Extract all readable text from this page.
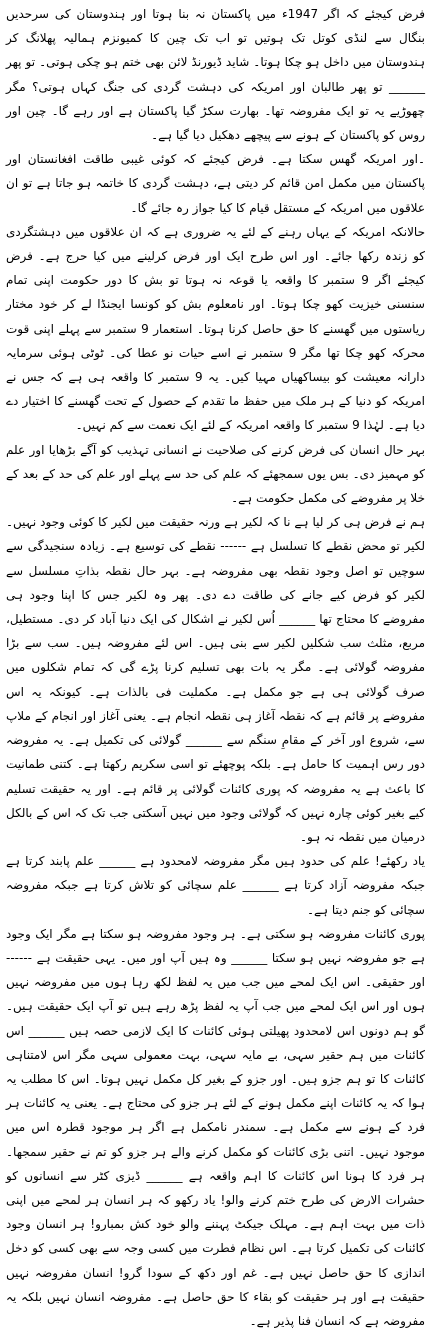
فرض کیجئے کہ اگر 1947ء میں پاکستان نہ بنا ہوتا اور ہندوستان کی سرحدیں بنگال سے لنڈی کوتل تک ہوتیں تو اب تک چین کا کمیونزم ہمالیہ پھلانگ کر ہندوستان میں داخل ہو چکا ہوتا۔ شاید ڈیورنڈ لائن بھی ختم ہو چکی ہوتی۔ تو پھر ______ تو پھر طالبان اور امریکہ کی دہشت گردی کی جنگ کہاں ہوتی؟ مگر چھوڑیے یہ تو ایک مفروضہ تھا۔ بھارت سکڑ گیا پاکستان ہے اور رہے گا۔ چین اور روس کو پاکستان کے ہونے سے پیچھے دھکیل دیا گیا ہے۔

۔اور امریکہ گھس سکتا ہے۔ فرض کیجئے کہ کوئی غیبی طاقت افغانستان اور پاکستان میں مکمل امن قائم کر دیتی ہے، دہشت گردی کا خاتمہ ہو جاتا ہے تو ان علاقوں میں امریکہ کے مستقل قیام کا کیا جواز رہ جائے گا۔

حالانکہ امریکہ کے یہاں رہنے کے لئے یہ ضروری ہے کہ ان علاقوں میں دہشتگردی کو زندہ رکھا جائے۔ اور اس طرح ایک اور فرض کرلینے میں کیا حرج ہے۔ فرض کیجئے اگر 9 ستمبر کا واقعہ یا قوعہ نہ ہوتا تو بش کا دور حکومت اپنی تمام سنسنی خیزیت کھو چکا ہوتا۔ اور نامعلوم بش کو کونسا ایجنڈا لے کر خود مختار ریاستوں میں گھسنے کا حق حاصل کرنا ہوتا۔ استعمار 9 ستمبر سے پہلے اپنی قوت محرکہ کھو چکا تھا مگر 9 ستمبر نے اسے حیات نو عطا کی۔ ٹوٹی ہوئی سرمایہ دارانہ معیشت کو بیساکھیاں مہیا کیں۔ یہ 9 ستمبر کا واقعہ ہی ہے کہ جس نے امریکہ کو دنیا کے ہر ملک میں حفظ ما تقدم کے حصول کے تحت گھسنے کا اختیار دے دیا ہے۔ لہٰذا 9 ستمبر کا واقعہ امریکہ کے لئے ایک نعمت سے کم نہیں۔

بہر حال انسان کی فرض کرنے کی صلاحیت نے انسانی تہذیب کو آگے بڑھایا اور علم کو مہمیز دی۔ بس یوں سمجھئے کہ علم کی حد سے پہلے اور علم کی حد کے بعد کے خلا پر مفروضے کی مکمل حکومت ہے۔

ہم نے فرض ہی کر لیا ہے نا کہ لکیر ہے ورنہ حقیقت میں لکیر کا کوئی وجود نہیں۔ لکیر تو محض نقطے کا تسلسل ہے ------ نقطے کی توسیع ہے۔ زیادہ سنجیدگی سے سوچیں تو اصل وجود نقطہ بھی مفروضہ ہے۔ بہر حال نقطہ بذاتِ مسلسل سے لکیر کو فرض کیے جانے کی طاقت دے دی۔ پھر وہ لکیر جس کا اپنا وجود ہی مفروضے کا محتاج تھا ______ اُس لکیر نے اشکال کی ایک دنیا آباد کر دی۔ مستطیل، مربع، مثلث سب شکلیں لکیر سے بنی ہیں۔ اس لئے مفروضہ ہیں۔ سب سے بڑا مفروضہ گولائی ہے۔ مگر یہ بات بھی تسلیم کرنا پڑے گی کہ تمام شکلوں میں صرف گولائی ہی ہے جو مکمل ہے۔ مکملیت فی بالذات ہے۔ کیونکہ یہ اس مفروضے پر قائم ہے کہ نقطہ آغاز ہی نقطہ انجام ہے۔ یعنی آغاز اور انجام کے ملاپ سے، شروع اور آخر کے مقامِ سنگم سے ______ گولائی کی تکمیل ہے۔ یہ مفروضہ دور رس اہمیت کا حامل ہے۔ بلکہ پوچھئے تو اسی سکریم رکھتا ہے۔ کتنی طمانیت کا باعث ہے یہ مفروضہ کہ پوری کائنات گولائی پر قائم ہے۔ اور یہ حقیقت تسلیم کیے بغیر کوئی چارہ نہیں کہ گولائی وجود میں نہیں آسکتی جب تک کہ اس کے بالکل درمیان میں نقطہ نہ ہو۔

یاد رکھئے! علم کی حدود ہیں مگر مفروضہ لامحدود ہے ______ علم پابند کرتا ہے جبکہ مفروضہ آزاد کرتا ہے ______ علم سچائی کو تلاش کرتا ہے جبکہ مفروضہ سچائی کو جنم دیتا ہے۔

پوری کائنات مفروضہ ہو سکتی ہے۔ ہر وجود مفروضہ ہو سکتا ہے مگر ایک وجود ہے جو مفروضہ نہیں ہو سکتا ______ وہ ہیں آپ اور میں۔ یہی حقیقت ہے ------ اور حقیقی۔ اس ایک لمحے میں جب میں یہ لفظ لکھ رہا ہوں میں مفروضہ نہیں ہوں اور اس ایک لمحے میں جب آپ یہ لفظ پڑھ رہے ہیں تو آپ ایک حقیقت ہیں۔ گو ہم دونوں اس لامحدود پھیلتی ہوئی کائنات کا ایک لازمی حصہ ہیں ______ اس کائنات میں ہم حقیر سہی، بے مایہ سہی، بہت معمولی سہی مگر اس لامتناہی کائنات کا تو ہم جزو ہیں۔ اور جزو کے بغیر کل مکمل نہیں ہوتا۔ اس کا مطلب یہ ہوا کہ یہ کائنات اپنے مکمل ہونے کے لئے ہر جزو کی محتاج ہے۔ یعنی یہ کائنات ہر فرد کے ہونے سے مکمل ہے۔ سمندر نامکمل ہے اگر ہر موجود قطرہ اس میں موجود نہیں۔ اتنی بڑی کائنات کو مکمل کرنے والے ہر جزو کو تم نے حقیر سمجھا۔ ہر فرد کا ہونا اس کائنات کا اہم واقعہ ہے ______ ڈیزی کٹر سے انسانوں کو حشرات الارض کی طرح ختم کرنے والو! یاد رکھو کہ ہر انسان ہر لمحے میں اپنی ذات میں بہت اہم ہے۔ مہلک جیکٹ پہننے والو خود کش بمبارو! ہر انسان وجود کائنات کی تکمیل کرتا ہے۔ اس نظام فطرت میں کسی وجہ سے بھی کسی کو دخل اندازی کا حق حاصل نہیں ہے۔ غم اور دکھ کے سودا گرو! انسان مفروضہ نہیں حقیقت ہے اور ہر حقیقت کو بقاء کا حق حاصل ہے۔ مفروضہ انسان نہیں بلکہ یہ مفروضہ ہے کہ انسان فنا پذیر ہے۔
